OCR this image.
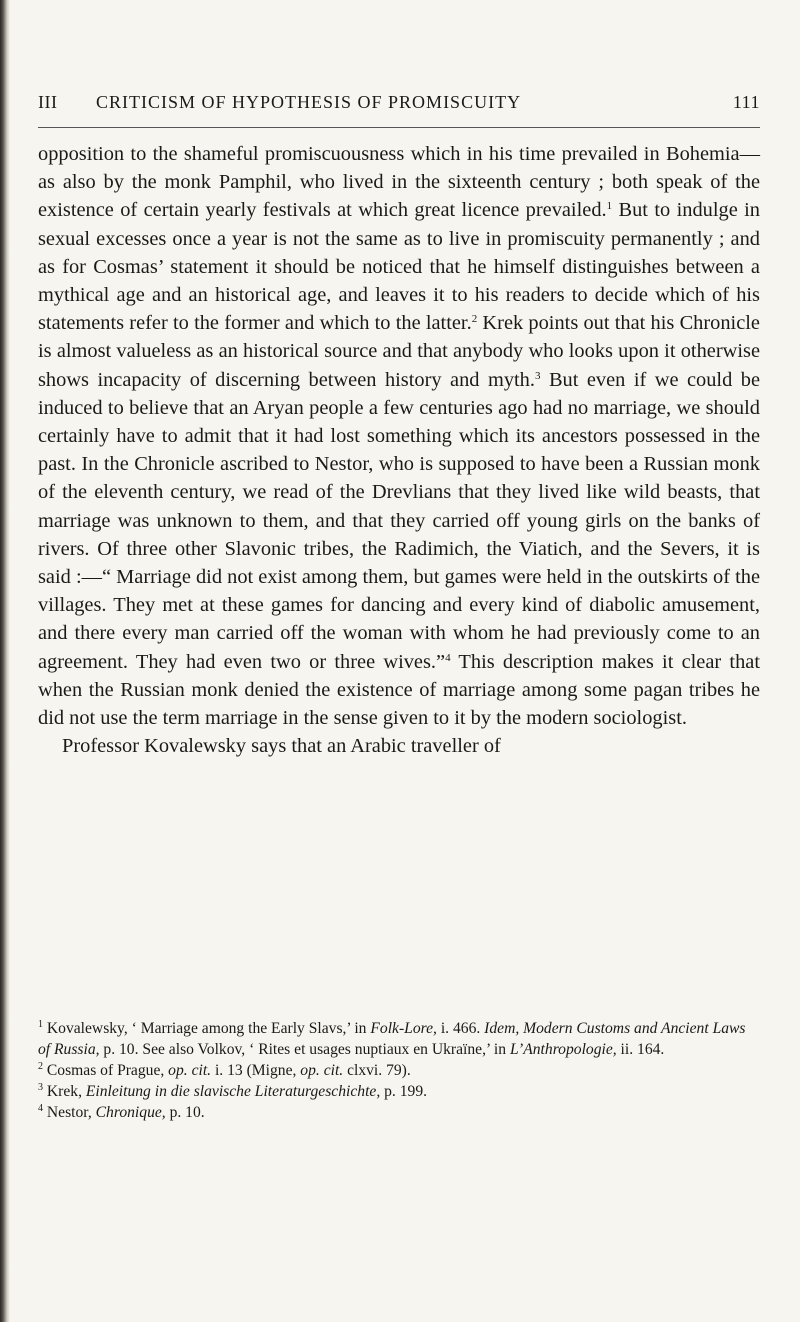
III CRITICISM OF HYPOTHESIS OF PROMISCUITY	111

opposition to the shameful promiscuousness which in his time prevailed in Bohemia—as also by the monk Pamphil, who lived in the sixteenth century ; both speak of the existence of certain yearly festivals at which great licence prevailed.$^1$ But to indulge in sexual excesses once a year is not the same as to live in promiscuity permanently ; and as for Cosmas’ statement it should be noticed that he himself distinguishes between a mythical age and an historical age, and leaves it to his readers to decide which of his statements refer to the former and which to the latter.$^2$ Krek points out that his Chronicle is almost valueless as an historical source and that anybody who looks upon it otherwise shows incapacity of discerning between history and myth.$^3$ But even if we could be induced to believe that an Aryan people a few centuries ago had no marriage, we should certainly have to admit that it had lost something which its ancestors possessed in the past. In the Chronicle ascribed to Nestor, who is supposed to have been a Russian monk of the eleventh century, we read of the Drevlians that they lived like wild beasts, that marriage was unknown to them, and that they carried off young girls on the banks of rivers. Of three other Slavonic tribes, the Radimich, the Viatich, and the Severs, it is said :—“ Marriage did not exist among them, but games were held in the outskirts of the villages. They met at these games for dancing and every kind of diabolic amusement, and there every man carried off the woman with whom he had previously come to an agreement. They had even two or three wives.”$^4$ This description makes it clear that when the Russian monk denied the existence of marriage among some pagan tribes he did not use the term marriage in the sense given to it by the modern sociologist.

Professor Kovalewsky says that an Arabic traveller of

$^1$ Kovalewsky, ‘ Marriage among the Early Slavs,’ in Folk-Lore, i. 466. Idem, Modern Customs and Ancient Laws of Russia, p. 10. See also Volkov, ‘ Rites et usages nuptiaux en Ukraïne,’ in L’Anthropologie, ii. 164.

$^2$ Cosmas of Prague, op. cit. i. 13 (Migne, op. cit. clxvi. 79).

$^3$ Krek, Einleitung in die slavische Literaturgeschichte, p. 199.

$^4$ Nestor, Chronique, p. 10.
